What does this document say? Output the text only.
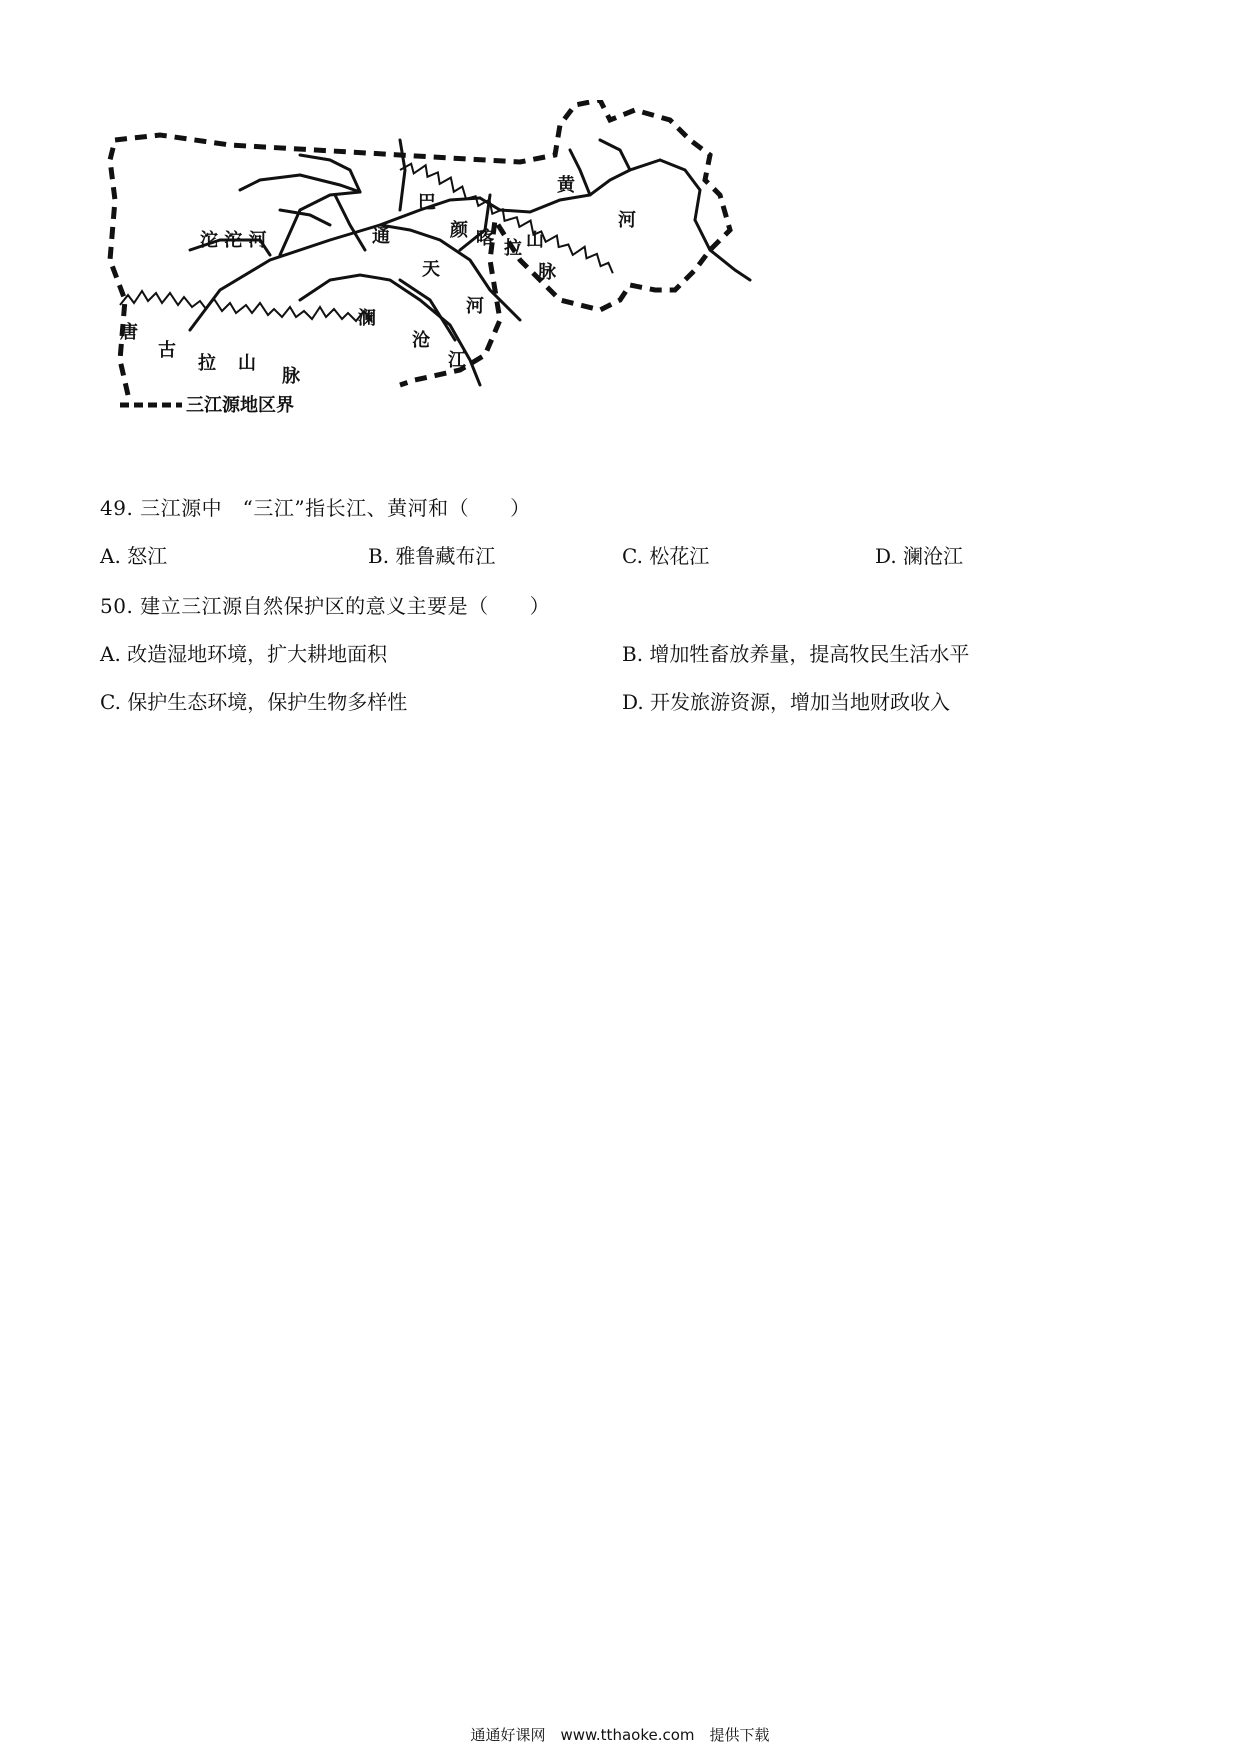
沱 沱 河	通
天
河
澜
沧
江
黄
河
巴
颜 喀 拉 山
脉
唐
古
拉 山
脉
三江源地区界
49. 三江源中　“三江”指长江、黄河和（　　）
A. 怒江	B. 雅鲁藏布江	C. 松花江	D. 澜沧江
50. 建立三江源自然保护区的意义主要是（　　）
A. 改造湿地环境，扩大耕地面积	B. 增加牲畜放养量，提高牧民生活水平
C. 保护生态环境，保护生物多样性	D. 开发旅游资源，增加当地财政收入
通通好课网　www.tthaoke.com　提供下载
